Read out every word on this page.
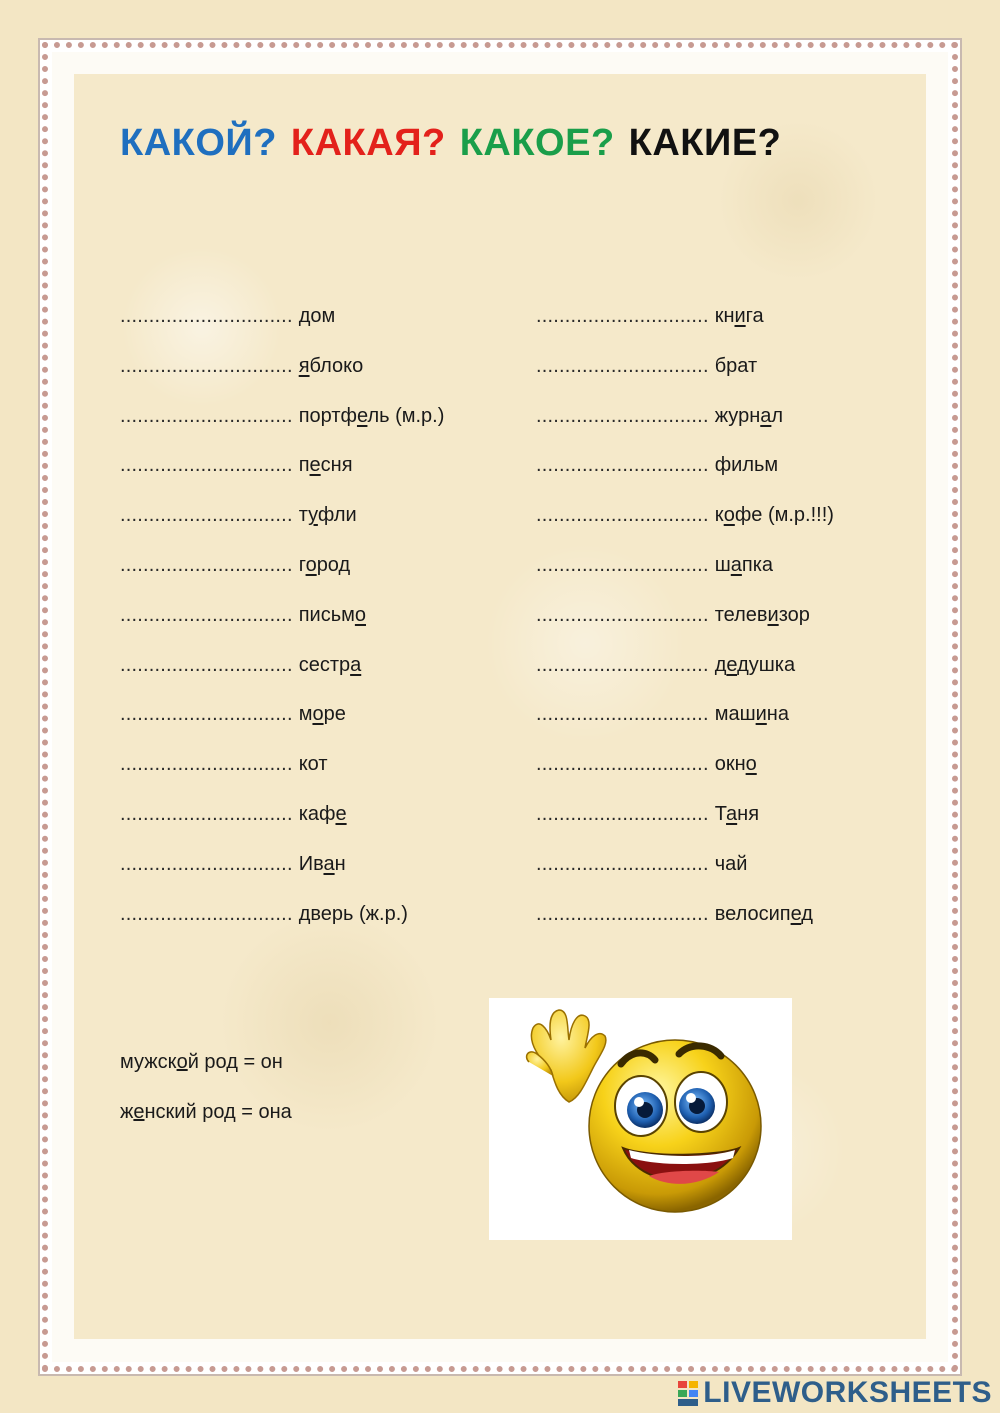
КАКОЙ? КАКАЯ? КАКОЕ? КАКИЕ?
.............................. дом
.............................. яблоко
.............................. портфель (м.р.)
.............................. песня
.............................. туфли
.............................. город
.............................. письмо
.............................. сестра
.............................. море
.............................. кот
.............................. кафе
.............................. Иван
.............................. дверь (ж.р.)
.............................. книга
.............................. брат
.............................. журнал
.............................. фильм
.............................. кофе (м.р.!!!)
.............................. шапка
.............................. телевизор
.............................. дедушка
.............................. машина
.............................. окно
.............................. Таня
.............................. чай
.............................. велосипед
мужской род = он
женский род = она
LIVEWORKSHEETS
